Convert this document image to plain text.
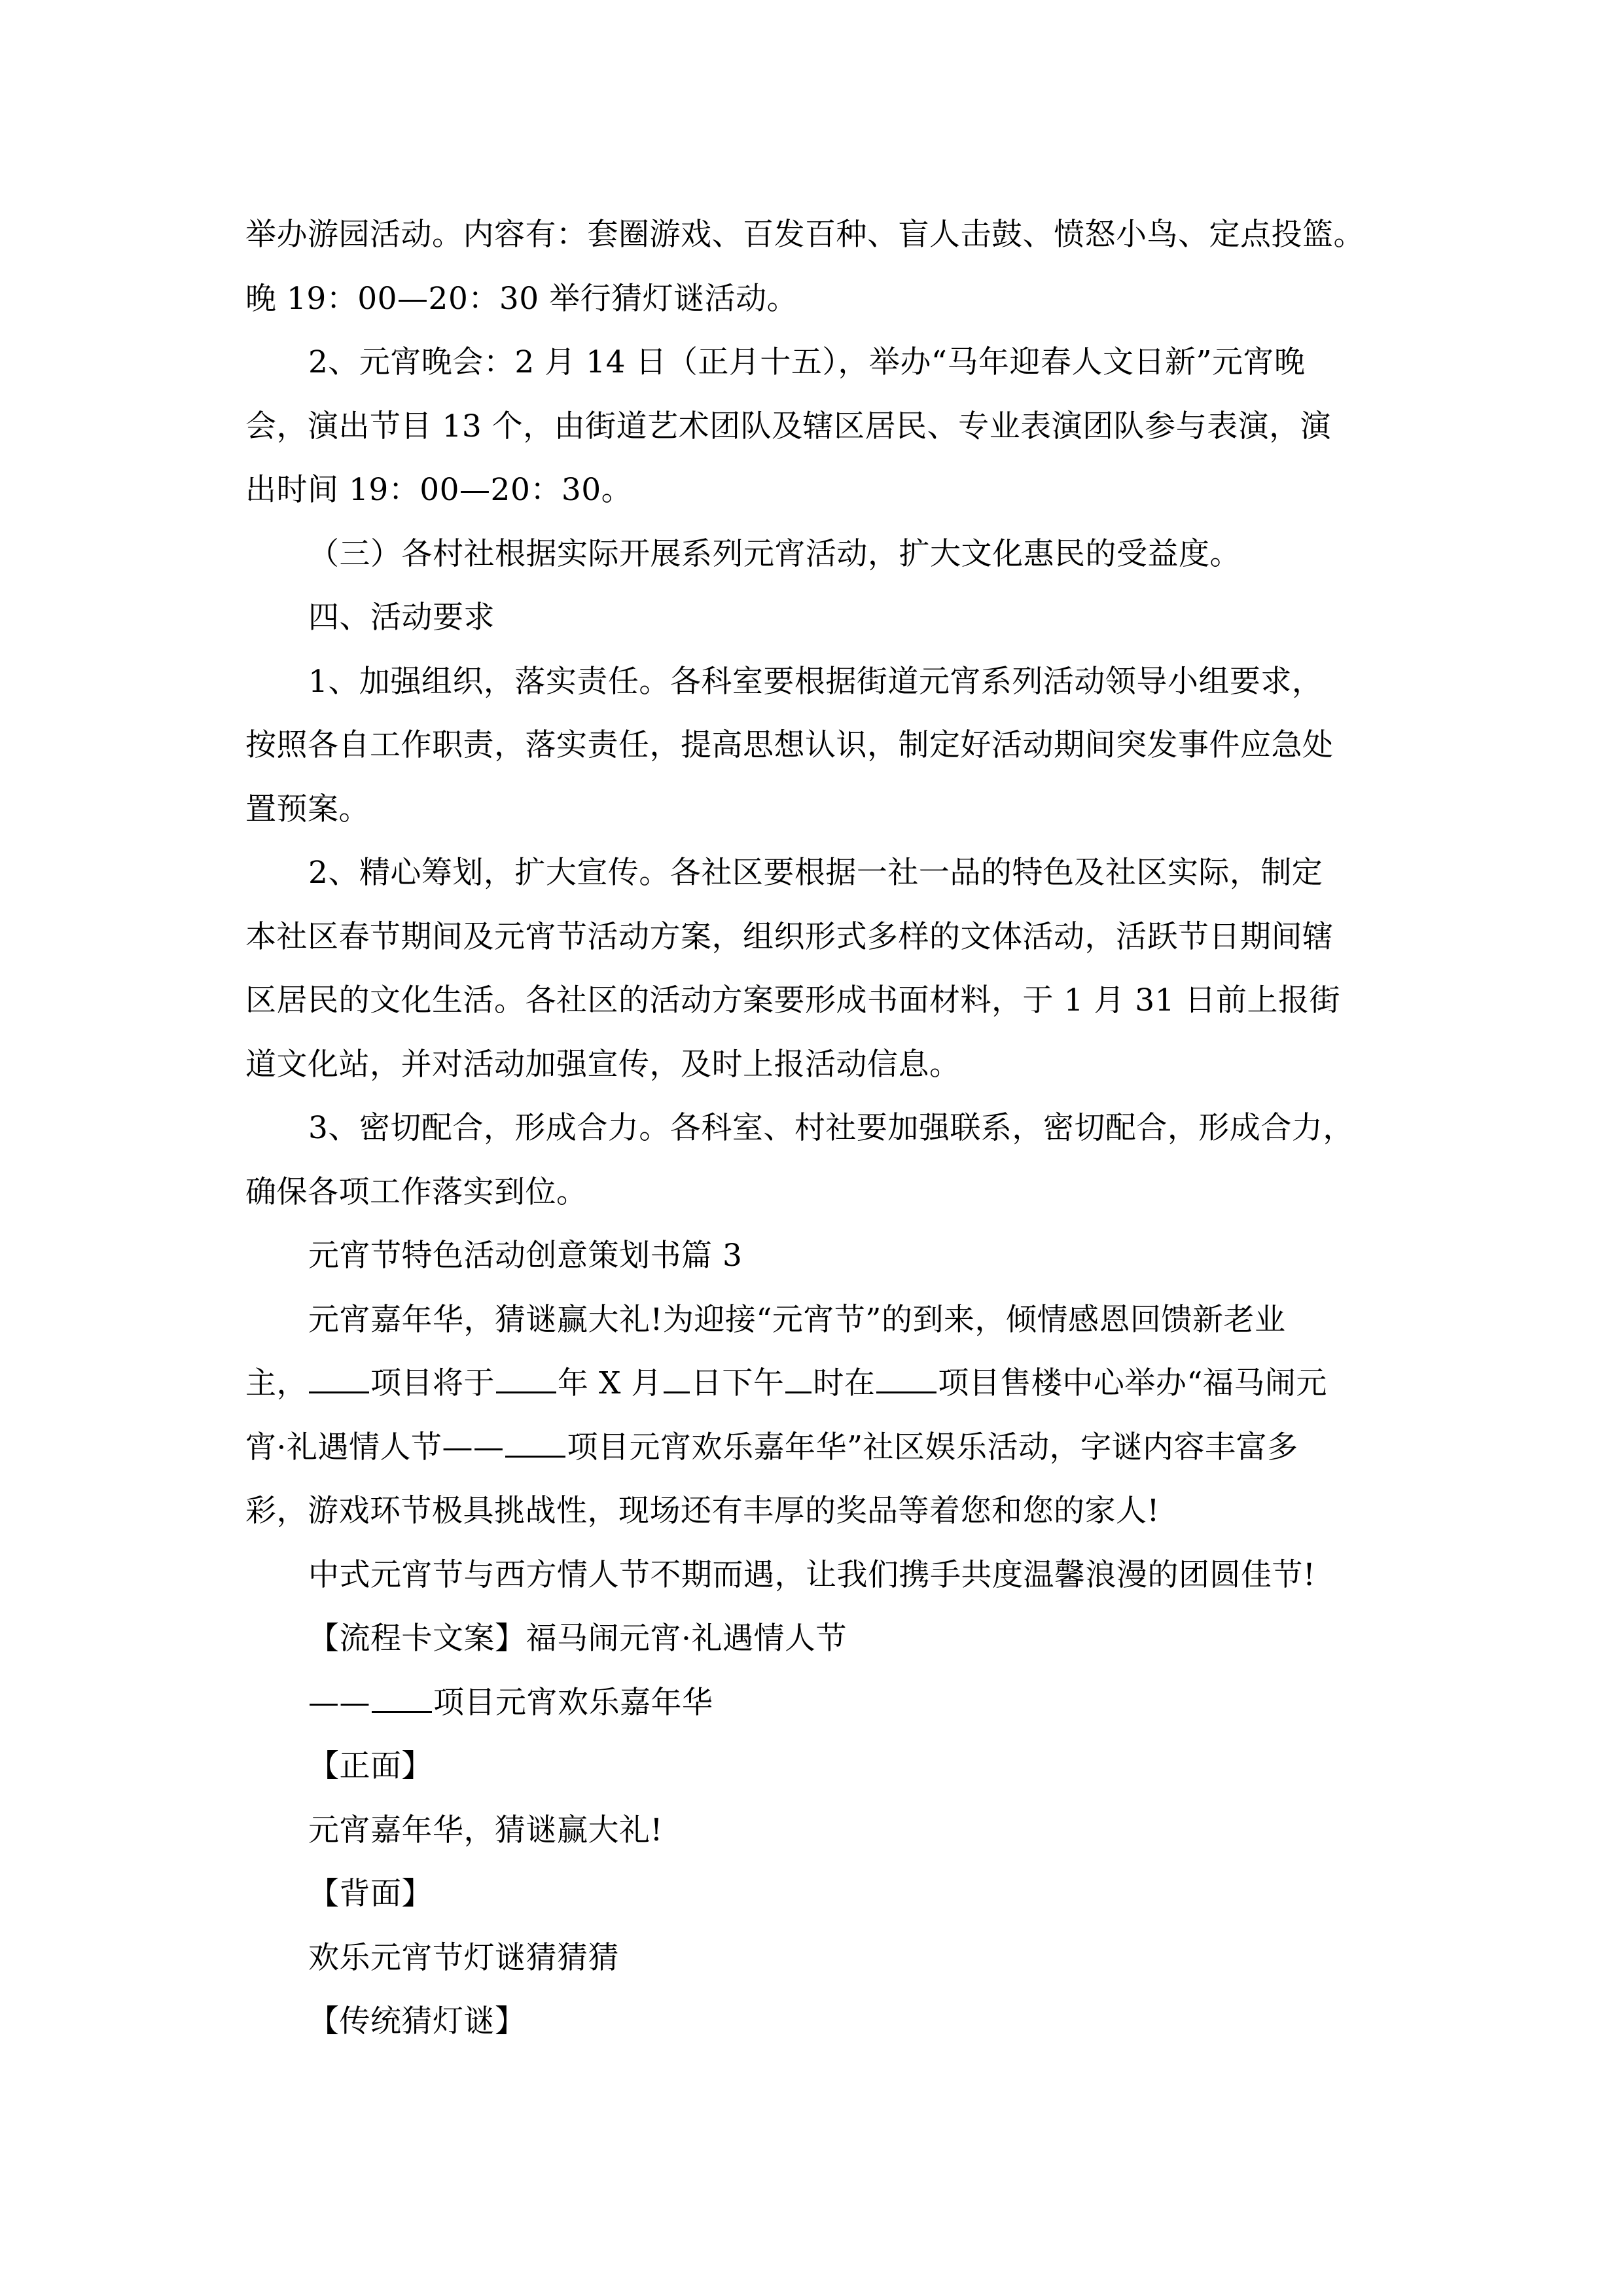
举办游园活动。内容有：套圈游戏、百发百种、盲人击鼓、愤怒小鸟、定点投篮。
晚 19：00—20：30 举行猜灯谜活动。
2、元宵晚会：2 月 14 日（正月十五），举办“马年迎春人文日新”元宵晚
会，演出节目 13 个，由街道艺术团队及辖区居民、专业表演团队参与表演，演
出时间 19：00—20：30。
（三）各村社根据实际开展系列元宵活动，扩大文化惠民的受益度。
四、活动要求
1、加强组织，落实责任。各科室要根据街道元宵系列活动领导小组要求，
按照各自工作职责，落实责任，提高思想认识，制定好活动期间突发事件应急处
置预案。
2、精心筹划，扩大宣传。各社区要根据一社一品的特色及社区实际，制定
本社区春节期间及元宵节活动方案，组织形式多样的文体活动，活跃节日期间辖
区居民的文化生活。各社区的活动方案要形成书面材料，于 1 月 31 日前上报街
道文化站，并对活动加强宣传，及时上报活动信息。
3、密切配合，形成合力。各科室、村社要加强联系，密切配合，形成合力，
确保各项工作落实到位。
元宵节特色活动创意策划书篇 3
元宵嘉年华，猜谜赢大礼!为迎接“元宵节”的到来，倾情感恩回馈新老业
主， 项目将于 年 X 月 日下午 时在 项目售楼中心举办“福马闹元
宵·礼遇情人节—— 项目元宵欢乐嘉年华”社区娱乐活动，字谜内容丰富多
彩，游戏环节极具挑战性，现场还有丰厚的奖品等着您和您的家人!
中式元宵节与西方情人节不期而遇，让我们携手共度温馨浪漫的团圆佳节!
【流程卡文案】福马闹元宵·礼遇情人节
—— 项目元宵欢乐嘉年华
【正面】
元宵嘉年华，猜谜赢大礼!
【背面】
欢乐元宵节灯谜猜猜猜
【传统猜灯谜】
